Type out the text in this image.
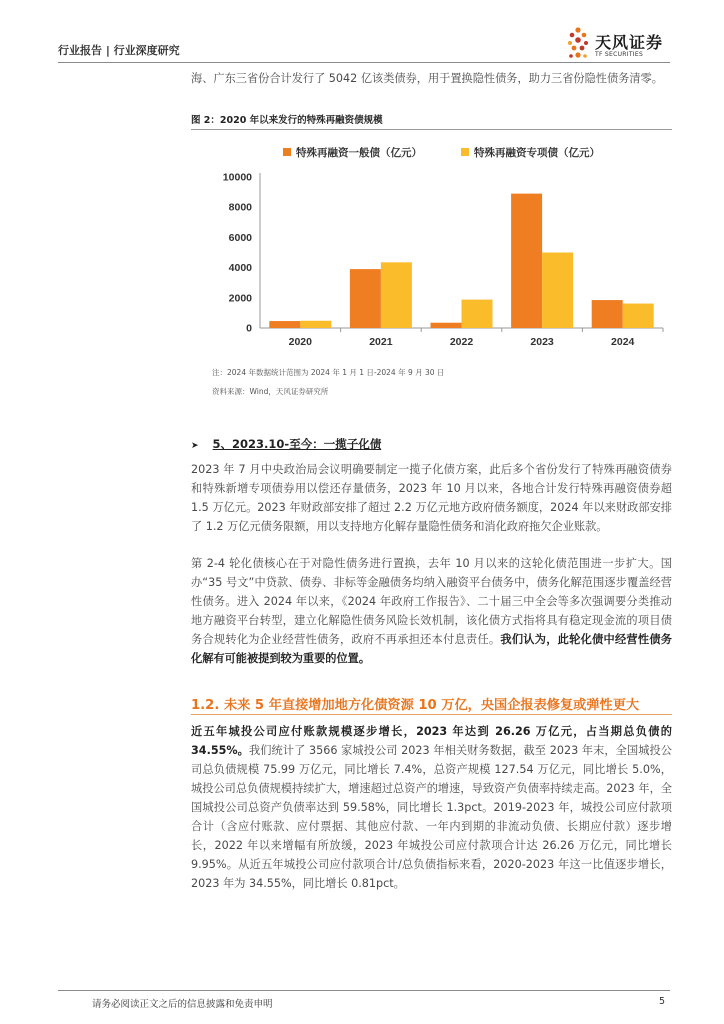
行业报告 | 行业深度研究	天风证券
TF SECURITIES
海、广东三省份合计发行了 5042 亿该类债券，用于置换隐性债务，助力三省份隐性债务清零。
图 2：2020 年以来发行的特殊再融资债规模
0
2000
4000
6000
8000
10000
2020	2021	2022	2023	2024
特殊再融资一般债（亿元）	特殊再融资专项债（亿元）
注：2024 年数据统计范围为 2024 年 1 月 1 日-2024 年 9 月 30 日
资料来源：Wind，天风证券研究所
➤ 5、2023.10-至今：一揽子化债
2023 年 7 月中央政治局会议明确要制定一揽子化债方案，此后多个省份发行了特殊再融资债券和特殊新增专项债券用以偿还存量债务，2023 年 10 月以来，各地合计发行特殊再融资债券超 1.5 万亿元。2023 年财政部安排了超过 2.2 万亿元地方政府债务额度，2024 年以来财政部安排了 1.2 万亿元债务限额，用以支持地方化解存量隐性债务和消化政府拖欠企业账款。
第 2-4 轮化债核心在于对隐性债务进行置换，去年 10 月以来的这轮化债范围进一步扩大。国办“35 号文”中贷款、债券、非标等金融债务均纳入融资平台债务中，债务化解范围逐步覆盖经营性债务。进入 2024 年以来，《2024 年政府工作报告》、二十届三中全会等多次强调要分类推动地方融资平台转型，建立化解隐性债务风险长效机制，该化债方式指将具有稳定现金流的项目债务合规转化为企业经营性债务，政府不再承担还本付息责任。我们认为，此轮化债中经营性债务化解有可能被提到较为重要的位置。
1.2. 未来 5 年直接增加地方化债资源 10 万亿，央国企报表修复或弹性更大
近五年城投公司应付账款规模逐步增长，2023 年达到 26.26 万亿元，占当期总负债的 34.55%。我们统计了 3566 家城投公司 2023 年相关财务数据，截至 2023 年末，全国城投公司总负债规模 75.99 万亿元，同比增长 7.4%，总资产规模 127.54 万亿元，同比增长 5.0%，城投公司总负债规模持续扩大，增速超过总资产的增速，导致资产负债率持续走高。2023 年，全国城投公司总资产负债率达到 59.58%，同比增长 1.3pct。2019-2023 年，城投公司应付款项合计（含应付账款、应付票据、其他应付款、一年内到期的非流动负债、长期应付款）逐步增长，2022 年以来增幅有所放缓，2023 年城投公司应付款项合计达 26.26 万亿元，同比增长 9.95%。从近五年城投公司应付款项合计/总负债指标来看，2020-2023 年这一比值逐步增长，2023 年为 34.55%，同比增长 0.81pct。
请务必阅读正文之后的信息披露和免责申明	5
